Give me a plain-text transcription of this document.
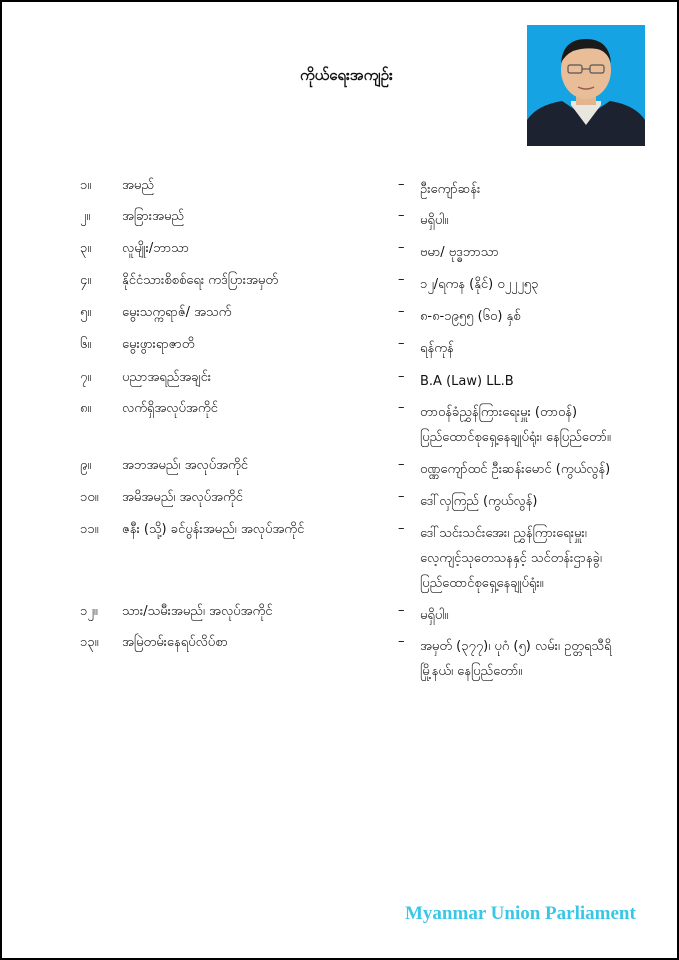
ကိုယ်ရေးအကျဉ်း
၁။ အမည်	– ဦးကျော်ဆန်း
၂။ အခြားအမည်	– မရှိပါ။
၃။ လူမျိုး/ဘာသာ	– ဗမာ/ ဗုဒ္ဓဘာသာ
၄။ နိုင်ငံသားစိစစ်ရေး ကဒ်ပြားအမှတ်	– ၁၂/ရကန (နိုင်) ၀၂၂၂၅၃
၅။ မွေးသက္ကရာဇ်/ အသက်	– ၈-၈-၁၉၅၅ (၆၀) နှစ်
၆။ မွေးဖွားရာဇာတိ	– ရန်ကုန်
၇။ ပညာအရည်အချင်း	– B.A (Law) LL.B
၈။ လက်ရှိအလုပ်အကိုင်	– တာဝန်ခံညွှန်ကြားရေးမှူး (တာဝန်)
ပြည်ထောင်စုရှေ့နေချုပ်ရုံး၊ နေပြည်တော်။
၉။ အဘအမည်၊ အလုပ်အကိုင်	– ဝဏ္ဏကျော်ထင် ဦးဆန်းမောင် (ကွယ်လွန်)
၁၀။ အမိအမည်၊ အလုပ်အကိုင်	– ဒေါ်လှကြည် (ကွယ်လွန်)
၁၁။ ဇနီး (သို့) ခင်ပွန်းအမည်၊ အလုပ်အကိုင်	– ဒေါ်သင်းသင်းအေး၊ ညွှန်ကြားရေးမှူး၊
လေ့ကျင့်သုတေသနနှင့် သင်တန်းဌာနခွဲ၊
ပြည်ထောင်စုရှေ့နေချုပ်ရုံး။
၁၂။ သား/သမီးအမည်၊ အလုပ်အကိုင်	– မရှိပါ။
၁၃။ အမြဲတမ်းနေရပ်လိပ်စာ	– အမှတ် (၃၇၇)၊ ပုဂံ (၅) လမ်း၊ ဥတ္တရသီရိ
မြို့နယ်၊ နေပြည်တော်။
Myanmar Union Parliament
